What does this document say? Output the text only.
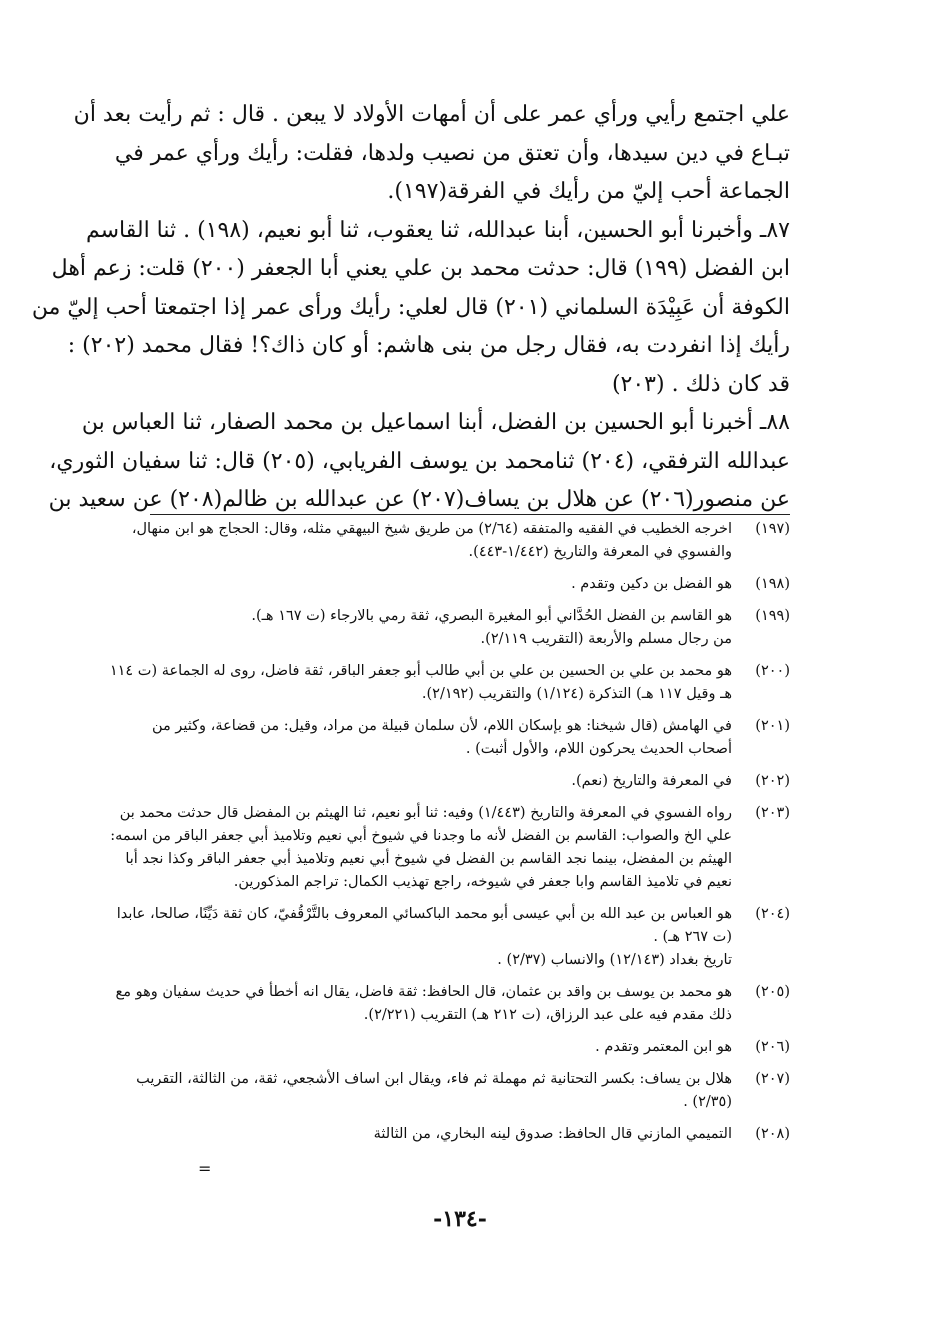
علي اجتمع رأيي ورأي عمر على أن أمهات الأولاد لا يبعن . قال : ثم رأيت بعد أن
تبـاع في دين سيدها، وأن تعتق من نصيب ولدها، فقلت: رأيك ورأي عمر في
الجماعة أحب إليّ من رأيك في الفرقة(١٩٧).
٨٧ـ وأخبرنا أبو الحسين، أبنا عبدالله، ثنا يعقوب، ثنا أبو نعيم، (١٩٨) . ثنا القاسم
ابن الفضل (١٩٩) قال: حدثت محمد بن علي يعني أبا الجعفر (٢٠٠) قلت: زعم أهل
الكوفة أن عَبِيْدَة السلماني (٢٠١) قال لعلي: رأيك ورأى عمر إذا اجتمعتا أحب إليّ من
رأيك إذا انفردت به، فقال رجل من بنى هاشم: أو كان ذاك؟! فقال محمد (٢٠٢) :
قد كان ذلك . (٢٠٣)
٨٨ـ أخبرنا أبو الحسين بن الفضل، أبنا اسماعيل بن محمد الصفار، ثنا العباس بن
عبدالله الترفقي، (٢٠٤) ثنامحمد بن يوسف الفريابي، (٢٠٥) قال: ثنا سفيان الثوري،
عن منصور(٢٠٦) عن هلال بن يساف(٢٠٧) عن عبدالله بن ظالم(٢٠٨) عن سعيد بن
(١٩٧)
اخرجه الخطيب في الفقيه والمتفقه (٢/٦٤) من طريق شيخ البيهقي مثله، وقال: الحجاج هو ابن منهال،
والفسوي في المعرفة والتاريخ (١/٤٤٢-٤٤٣).
(١٩٨)
هو الفضل بن دكين وتقدم .
(١٩٩)
هو القاسم بن الفضل الحُدَّاني أبو المغيرة البصري، ثقة رمي بالارجاء (ت ١٦٧ هـ).
من رجال مسلم والأربعة (التقريب ٢/١١٩).
(٢٠٠)
هو محمد بن علي بن الحسين بن علي بن أبي طالب أبو جعفر الباقر، ثقة فاضل، روى له الجماعة (ت ١١٤
هـ وقيل ١١٧ هـ) التذكرة (١/١٢٤) والتقريب (٢/١٩٢).
(٢٠١)
في الهامش (قال شيخنا: هو بإسكان اللام، لأن سلمان قبيلة من مراد، وقيل: من قضاعة، وكثير من
أصحاب الحديث يحركون اللام، والأول أثبت) .
(٢٠٢)
في المعرفة والتاريخ (نعم).
(٢٠٣)
رواه الفسوي في المعرفة والتاريخ (١/٤٤٣) وفيه: ثنا أبو نعيم، ثنا الهيثم بن المفضل قال حدثت محمد بن
علي الخ والصواب: القاسم بن الفضل لأنه ما وجدنا في شيوخ أبي نعيم وتلاميذ أبي جعفر الباقر من اسمه:
الهيثم بن المفضل، بينما نجد القاسم بن الفضل في شيوخ أبي نعيم وتلاميذ أبي جعفر الباقر وكذا نجد أبا
نعيم في تلاميذ القاسم وابا جعفر في شيوخه، راجع تهذيب الكمال: تراجم المذكورين.
(٢٠٤)
هو العباس بن عبد الله بن أبي عيسى أبو محمد الباكسائي المعروف بالتَّرْقُفيّ، كان ثقة دَيِّنًا، صالحا، عابدا
(ت ٢٦٧ هـ) .
تاريخ بغداد (١٢/١٤٣) والانساب (٢/٣٧) .
(٢٠٥)
هو محمد بن يوسف بن واقد بن عثمان، قال الحافظ: ثقة فاضل، يقال انه أخطأ في حديث سفيان وهو مع
ذلك مقدم فيه على عبد الرزاق، (ت ٢١٢ هـ) التقريب (٢/٢٢١).
(٢٠٦)
هو ابن المعتمر وتقدم .
(٢٠٧)
هلال بن يساف: بكسر التحتانية ثم مهملة ثم فاء، ويقال ابن اساف الأشجعي، ثقة، من الثالثة، التقريب
(٢/٣٥) .
(٢٠٨)
التميمي المازني قال الحافظ: صدوق لينه البخاري، من الثالثة
=
-١٣٤-
